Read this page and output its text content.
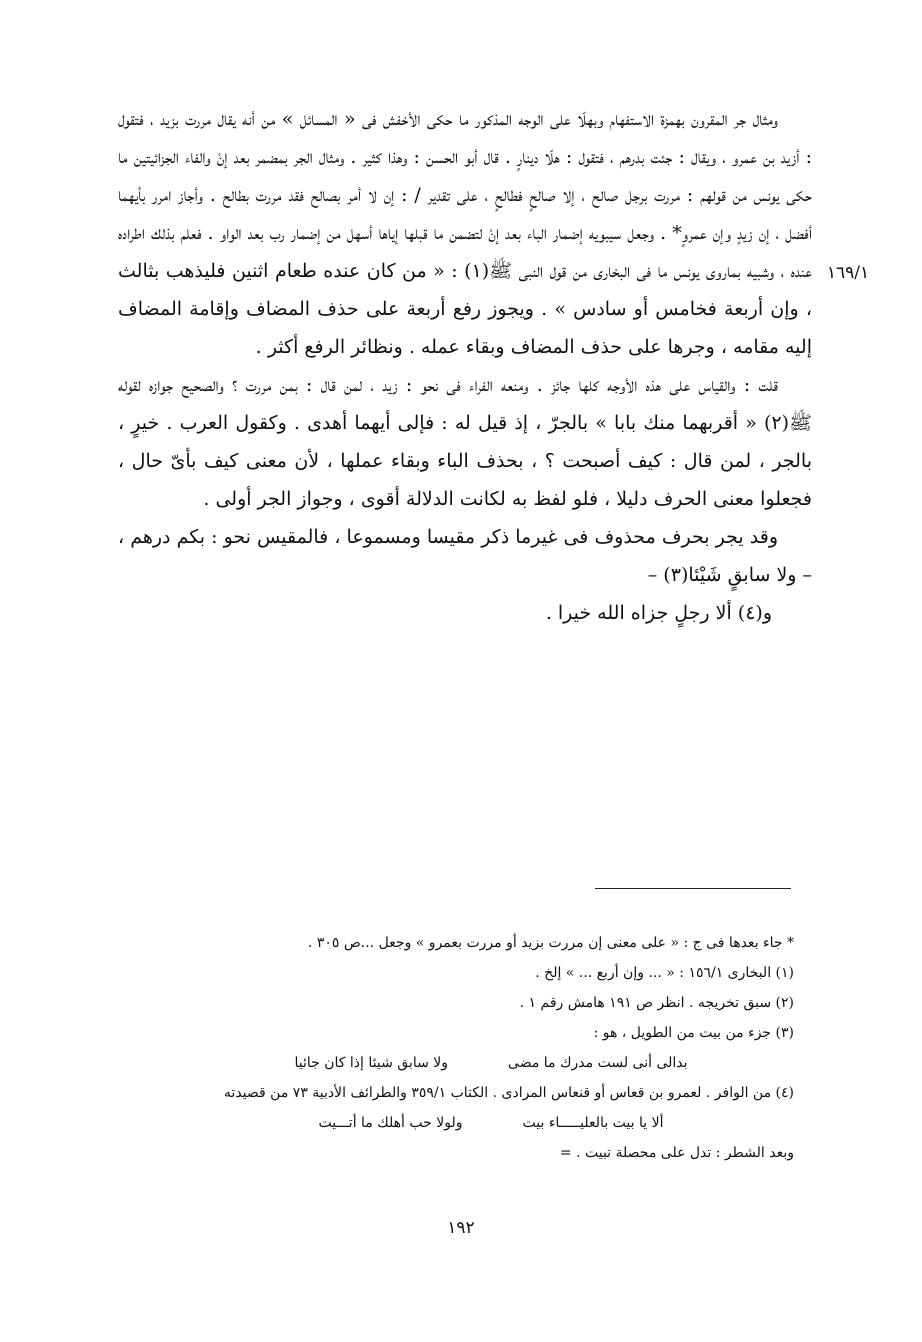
١٦٩/١

ومثال جر المقرون بهمزة الاستفهام وبهلّا على الوجه المذكور ما حكى الأخفش فى « المسائل » من أنه يقال مررت بزيد ، فتقول : أزيد بن عمرو ، ويقال : جئت بدرهم ، فتقول : هلّا دينارٍ . قال أبو الحسن : وهذا كثير . ومثال الجر بمضمر بعد إنْ والفاء الجزائيتين ما حكى يونس من قولهم : مررت برجل صالح ، إلا صالحٍ فطالحٍ ، على تقدير / : إن لا أمر بصالح فقد مررت بطالح . وأجاز امرر بأيهما أفضل ، إن زيدٍ وإن عمروٍ* . وجعل سيبويه إضمار الباء بعد إنْ لتضمن ما قبلها إياها أسهل من إضمار رب بعد الواو . فعلم بذلك اطراده عنده ، وشبيه بماروى يونس ما فى البخارى من قول النبى ﷺ(١) : « من كان عنده طعام اثنين فليذهب بثالث ، وإن أربعة فخامس أو سادس » . ويجوز رفع أربعة على حذف المضاف وإقامة المضاف إليه مقامه ، وجرها على حذف المضاف وبقاء عمله . ونظائر الرفع أكثر .

قلت : والقياس على هذه الأوجه كلها جائز . ومنعه الفراء فى نحو : زيد ، لمن قال : بمن مررت ؟ والصحيح جوازه لقوله ﷺ(٢) « أقربهما منك بابا » بالجرّ ، إذ قيل له : فإلى أيهما أهدى . وكقول العرب . خيرٍ ، بالجر ، لمن قال : كيف أصبحت ؟ ، بحذف الباء وبقاء عملها ، لأن معنى كيف بأىّ حال ، فجعلوا معنى الحرف دليلا ، فلو لفظ به لكانت الدلالة أقوى ، وجواز الجر أولى .

وقد يجر بحرف محذوف فى غيرما ذكر مقيسا ومسموعا ، فالمقيس نحو : بكم درهم ، – ولا سابقٍ شَيْئا(٣) –

و(٤) ألا رجلٍ جزاه الله خيرا .

* جاء بعدها فى ج : « على معنى إن مررت بزيد أو مررت بعمرو » وجعل ...ص ٣٠٥ .

(١) البخارى ١٥٦/١ : « ... وإن أربع ... » إلخ .

(٢) سبق تخريجه . انظر ص ١٩١ هامش رقم ١ .

(٣) جزء من بيت من الطويل ، هو :

بدالى أنى لست مدرك ما مضى
ولا سابق شيئا إذا كان جائيا

(٤) من الوافر . لعمرو بن قعاس أو قنعاس المرادى . الكتاب ٣٥٩/١ والطرائف الأدبية ٧٣ من قصيدته

ألا يا بيت بالعليـــــاء بيت
ولولا حب أهلك ما أتـــيت

وبعد الشطر : تدل على محصلة تبيت . =

١٩٢
